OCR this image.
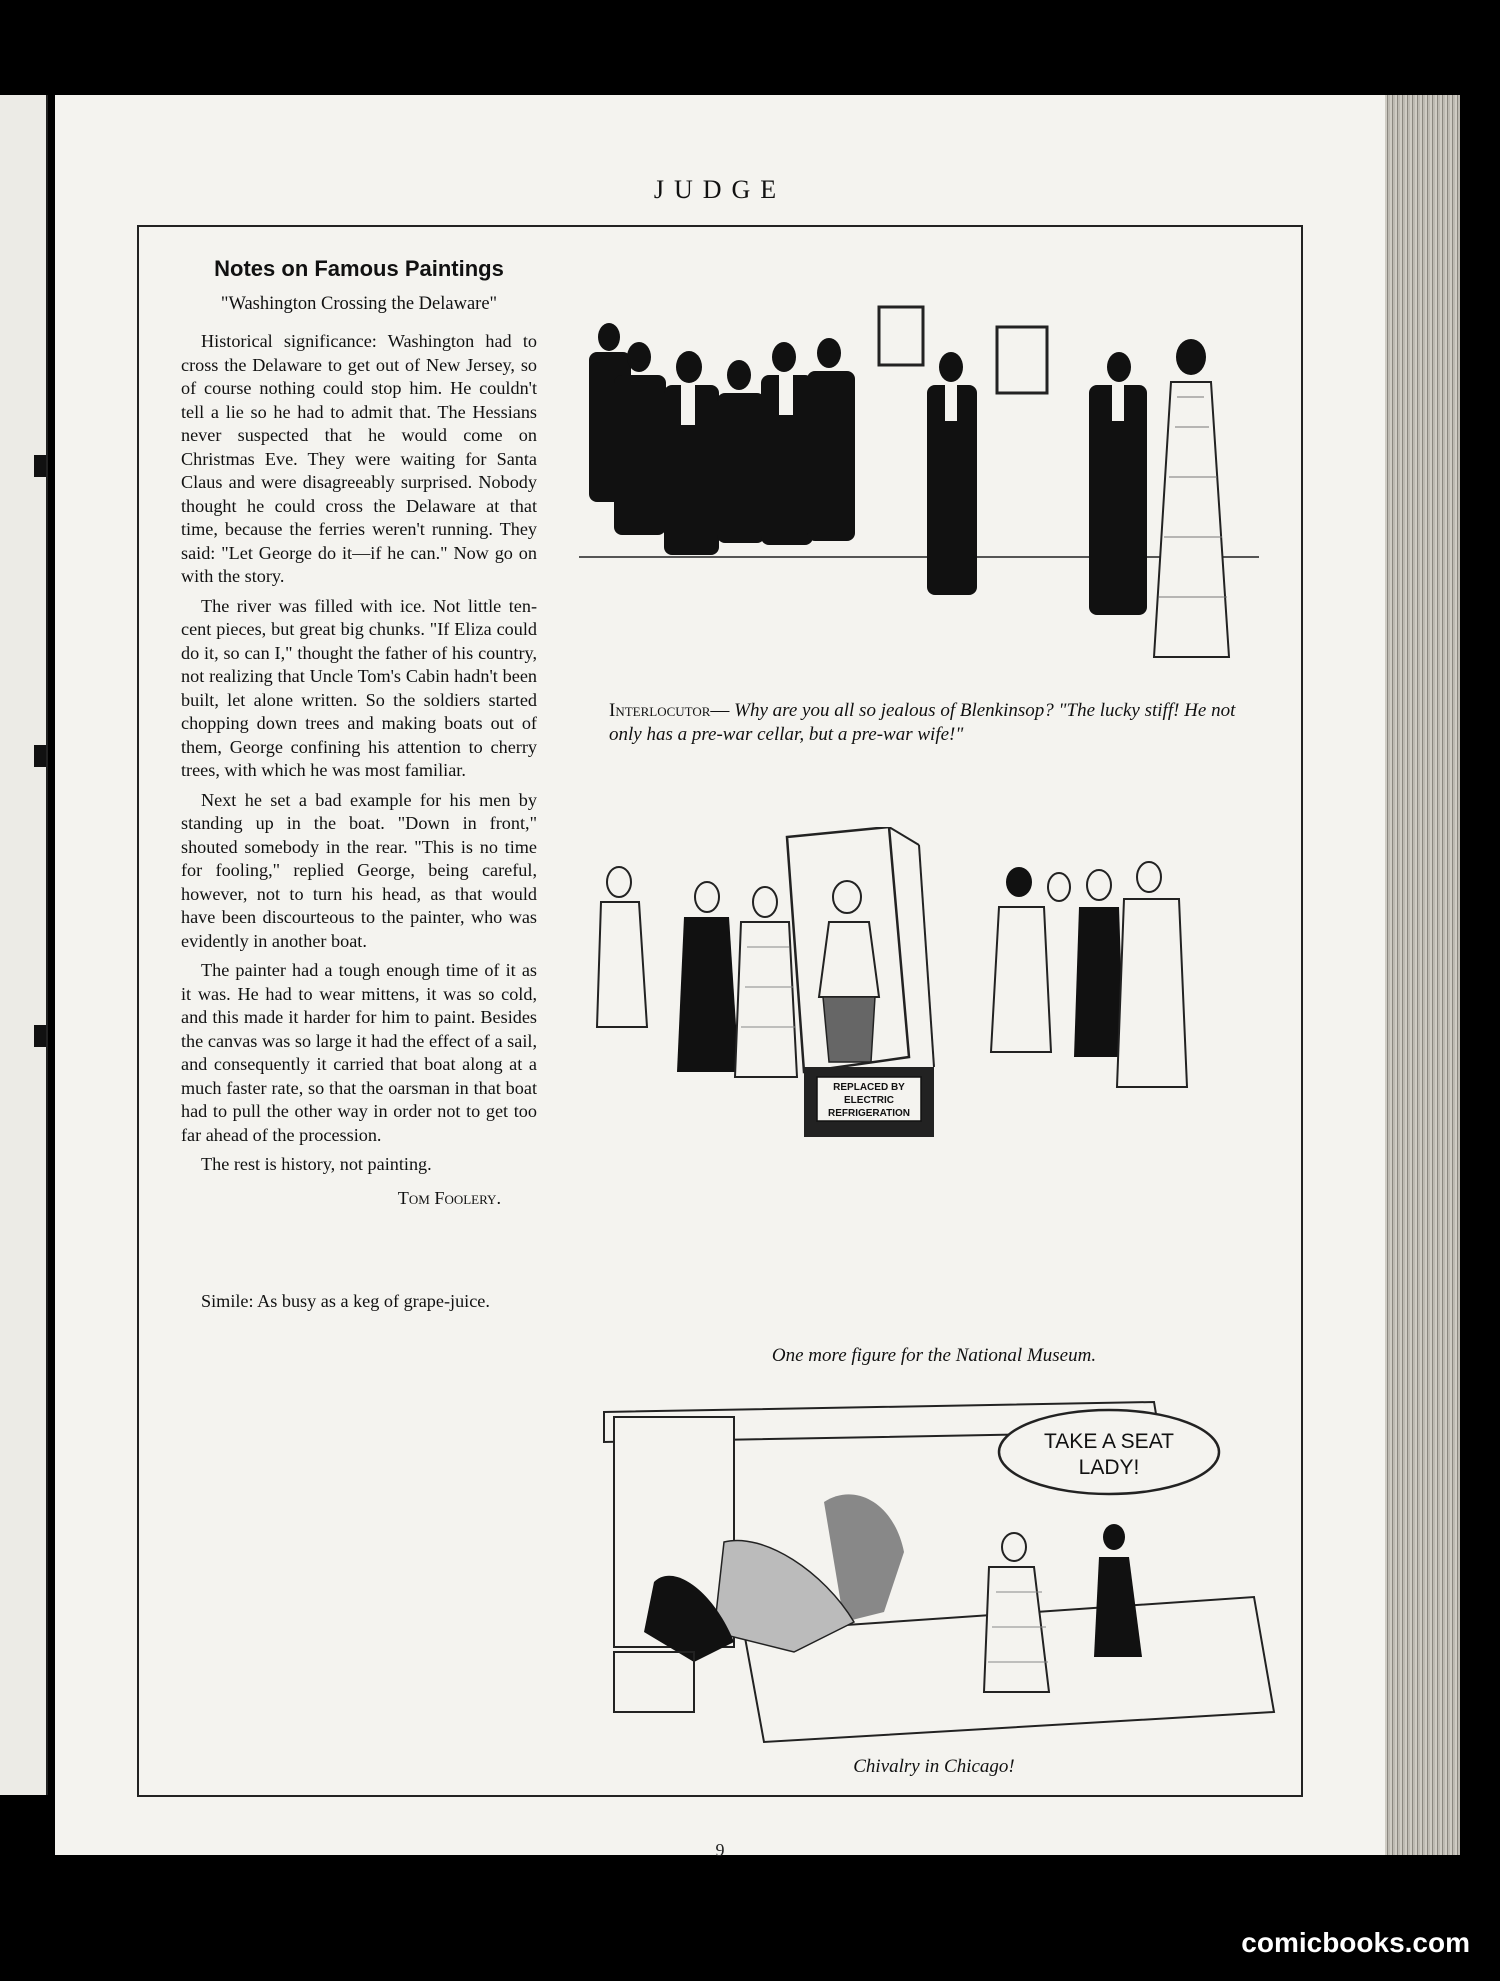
JUDGE
Notes on Famous Paintings
"Washington Crossing the Delaware"

Historical significance: Washington had to cross the Delaware to get out of New Jersey, so of course nothing could stop him. He couldn't tell a lie so he had to admit that. The Hessians never suspected that he would come on Christmas Eve. They were waiting for Santa Claus and were disagreeably surprised. Nobody thought he could cross the Delaware at that time, because the ferries weren't running. They said: "Let George do it—if he can." Now go on with the story.

The river was filled with ice. Not little ten-cent pieces, but great big chunks. "If Eliza could do it, so can I," thought the father of his country, not realizing that Uncle Tom's Cabin hadn't been built, let alone written. So the soldiers started chopping down trees and making boats out of them, George confining his attention to cherry trees, with which he was most familiar.

Next he set a bad example for his men by standing up in the boat. "Down in front," shouted somebody in the rear. "This is no time for fooling," replied George, being careful, however, not to turn his head, as that would have been discourteous to the painter, who was evidently in another boat.

The painter had a tough enough time of it as it was. He had to wear mittens, it was so cold, and this made it harder for him to paint. Besides the canvas was so large it had the effect of a sail, and consequently it carried that boat along at a much faster rate, so that the oarsman in that boat had to pull the other way in order not to get too far ahead of the procession.

The rest is history, not painting.

Tom Foolery.

Simile: As busy as a keg of grape-juice.

Interlocutor— Why are you all so jealous of Blenkinsop? "The lucky stiff! He not only has a pre-war cellar, but a pre-war wife!"
REPLACED BY
ELECTRIC
REFRIGERATION
One more figure for the National Museum.
TAKE A SEAT
LADY!
Chivalry in Chicago!
9
comicbooks.com
